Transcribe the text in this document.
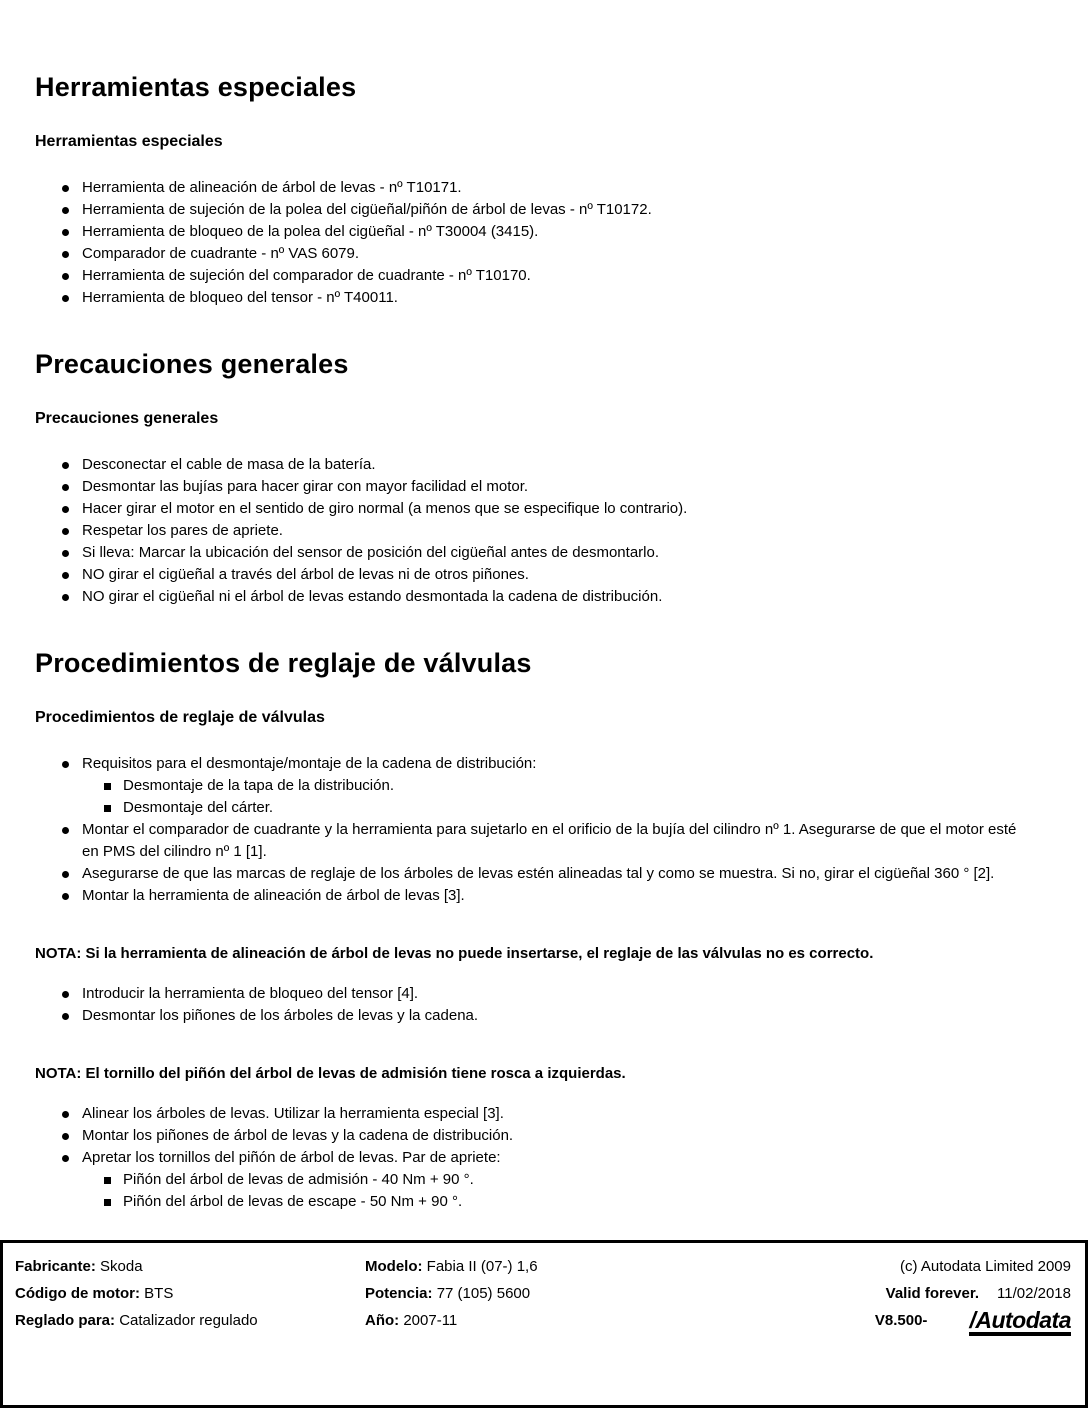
Herramientas especiales
Herramientas especiales
Herramienta de alineación de árbol de levas - nº T10171.
Herramienta de sujeción de la polea del cigüeñal/piñón de árbol de levas - nº T10172.
Herramienta de bloqueo de la polea del cigüeñal - nº T30004 (3415).
Comparador de cuadrante - nº VAS 6079.
Herramienta de sujeción del comparador de cuadrante - nº T10170.
Herramienta de bloqueo del tensor - nº T40011.
Precauciones generales
Precauciones generales
Desconectar el cable de masa de la batería.
Desmontar las bujías para hacer girar con mayor facilidad el motor.
Hacer girar el motor en el sentido de giro normal (a menos que se especifique lo contrario).
Respetar los pares de apriete.
Si lleva: Marcar la ubicación del sensor de posición del cigüeñal antes de desmontarlo.
NO girar el cigüeñal a través del árbol de levas ni de otros piñones.
NO girar el cigüeñal ni el árbol de levas estando desmontada la cadena de distribución.
Procedimientos de reglaje de válvulas
Procedimientos de reglaje de válvulas
Requisitos para el desmontaje/montaje de la cadena de distribución:
Desmontaje de la tapa de la distribución.
Desmontaje del cárter.
Montar el comparador de cuadrante y la herramienta para sujetarlo en el orificio de la bujía del cilindro nº 1. Asegurarse de que el motor esté en PMS del cilindro nº 1 [1].
Asegurarse de que las marcas de reglaje de los árboles de levas estén alineadas tal y como se muestra. Si no, girar el cigüeñal 360 ° [2].
Montar la herramienta de alineación de árbol de levas [3].

NOTA: Si la herramienta de alineación de árbol de levas no puede insertarse, el reglaje de las válvulas no es correcto.

Introducir la herramienta de bloqueo del tensor [4].
Desmontar los piñones de los árboles de levas y la cadena.

NOTA: El tornillo del piñón del árbol de levas de admisión tiene rosca a izquierdas.

Alinear los árboles de levas. Utilizar la herramienta especial [3].
Montar los piñones de árbol de levas y la cadena de distribución.
Apretar los tornillos del piñón de árbol de levas. Par de apriete:
Piñón del árbol de levas de admisión - 40 Nm + 90 °.
Piñón del árbol de levas de escape - 50 Nm + 90 °.
Fabricante: Skoda
Código de motor: BTS
Reglado para: Catalizador regulado
Modelo: Fabia II (07-) 1,6
Potencia: 77 (105) 5600
Año: 2007-11
(c) Autodata Limited 2009
Valid forever. 11/02/2018
V8.500- /Autodata
